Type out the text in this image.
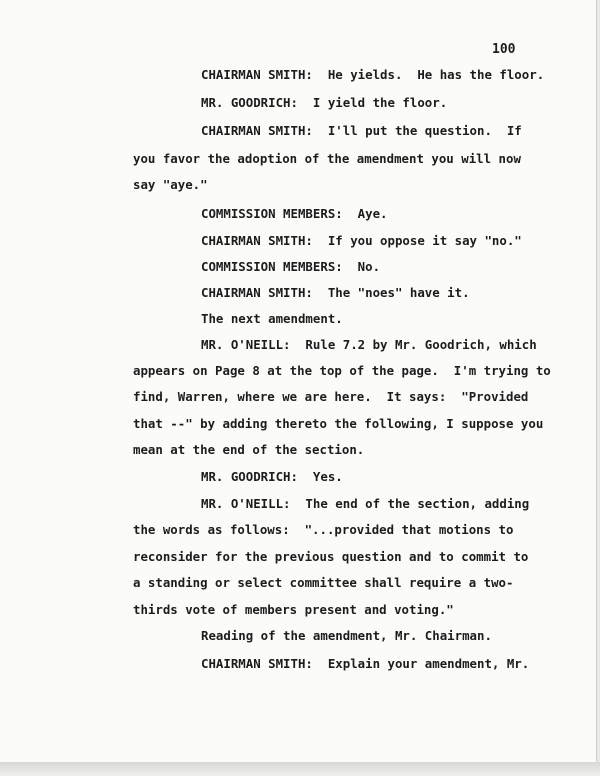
100
CHAIRMAN SMITH:  He yields.  He has the floor.
MR. GOODRICH:  I yield the floor.
CHAIRMAN SMITH:  I'll put the question.  If
you favor the adoption of the amendment you will now
say "aye."
COMMISSION MEMBERS:  Aye.
CHAIRMAN SMITH:  If you oppose it say "no."
COMMISSION MEMBERS:  No.
CHAIRMAN SMITH:  The "noes" have it.
The next amendment.
MR. O'NEILL:  Rule 7.2 by Mr. Goodrich, which
appears on Page 8 at the top of the page.  I'm trying to
find, Warren, where we are here.  It says:  "Provided
that --" by adding thereto the following, I suppose you
mean at the end of the section.
MR. GOODRICH:  Yes.
MR. O'NEILL:  The end of the section, adding
the words as follows:  "...provided that motions to
reconsider for the previous question and to commit to
a standing or select committee shall require a two-
thirds vote of members present and voting."
Reading of the amendment, Mr. Chairman.
CHAIRMAN SMITH:  Explain your amendment, Mr.
